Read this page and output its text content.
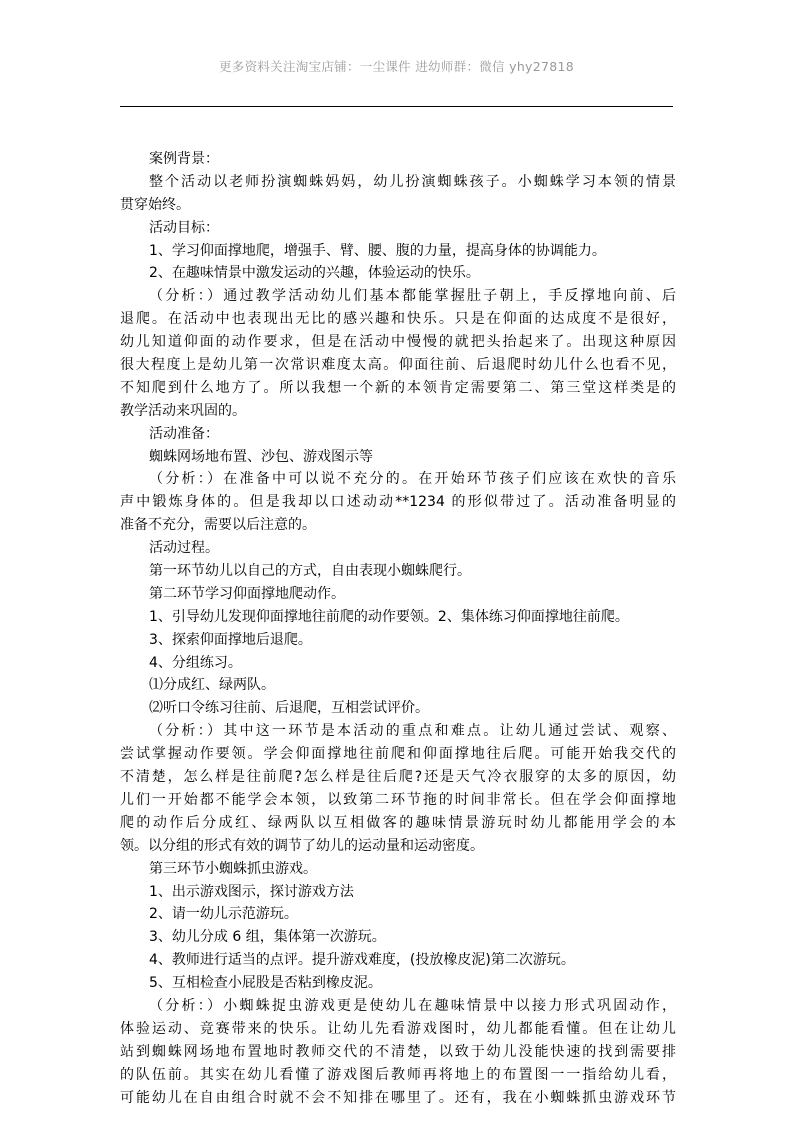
更多资料关注淘宝店铺：一尘课件 进幼师群：微信 yhy27818
案例背景：
整个活动以老师扮演蜘蛛妈妈，幼儿扮演蜘蛛孩子。小蜘蛛学习本领的情景
贯穿始终。
活动目标：
1、学习仰面撑地爬，增强手、臂、腰、腹的力量，提高身体的协调能力。
2、在趣味情景中激发运动的兴趣，体验运动的快乐。
（分析：）通过教学活动幼儿们基本都能掌握肚子朝上，手反撑地向前、后
退爬。在活动中也表现出无比的感兴趣和快乐。只是在仰面的达成度不是很好，
幼儿知道仰面的动作要求，但是在活动中慢慢的就把头抬起来了。出现这种原因
很大程度上是幼儿第一次常识难度太高。仰面往前、后退爬时幼儿什么也看不见，
不知爬到什么地方了。所以我想一个新的本领肯定需要第二、第三堂这样类是的
教学活动来巩固的。
活动准备：
蜘蛛网场地布置、沙包、游戏图示等
（分析：）在准备中可以说不充分的。在开始环节孩子们应该在欢快的音乐
声中锻炼身体的。但是我却以口述动动**1234 的形似带过了。活动准备明显的
准备不充分，需要以后注意的。
活动过程。
第一环节幼儿以自己的方式，自由表现小蜘蛛爬行。
第二环节学习仰面撑地爬动作。
1、引导幼儿发现仰面撑地往前爬的动作要领。2、集体练习仰面撑地往前爬。
3、探索仰面撑地后退爬。
4、分组练习。
⑴分成红、绿两队。
⑵听口令练习往前、后退爬，互相尝试评价。
（分析：）其中这一环节是本活动的重点和难点。让幼儿通过尝试、观察、
尝试掌握动作要领。学会仰面撑地往前爬和仰面撑地往后爬。可能开始我交代的
不清楚，怎么样是往前爬?怎么样是往后爬?还是天气冷衣服穿的太多的原因，幼
儿们一开始都不能学会本领，以致第二环节拖的时间非常长。但在学会仰面撑地
爬的动作后分成红、绿两队以互相做客的趣味情景游玩时幼儿都能用学会的本
领。以分组的形式有效的调节了幼儿的运动量和运动密度。
第三环节小蜘蛛抓虫游戏。
1、出示游戏图示，探讨游戏方法
2、请一幼儿示范游玩。
3、幼儿分成 6 组，集体第一次游玩。
4、教师进行适当的点评。提升游戏难度，(投放橡皮泥)第二次游玩。
5、互相检查小屁股是否粘到橡皮泥。
（分析：）小蜘蛛捉虫游戏更是使幼儿在趣味情景中以接力形式巩固动作，
体验运动、竞赛带来的快乐。让幼儿先看游戏图时，幼儿都能看懂。但在让幼儿
站到蜘蛛网场地布置地时教师交代的不清楚，以致于幼儿没能快速的找到需要排
的队伍前。其实在幼儿看懂了游戏图后教师再将地上的布置图一一指给幼儿看，
可能幼儿在自由组合时就不会不知排在哪里了。还有，我在小蜘蛛抓虫游戏环节
